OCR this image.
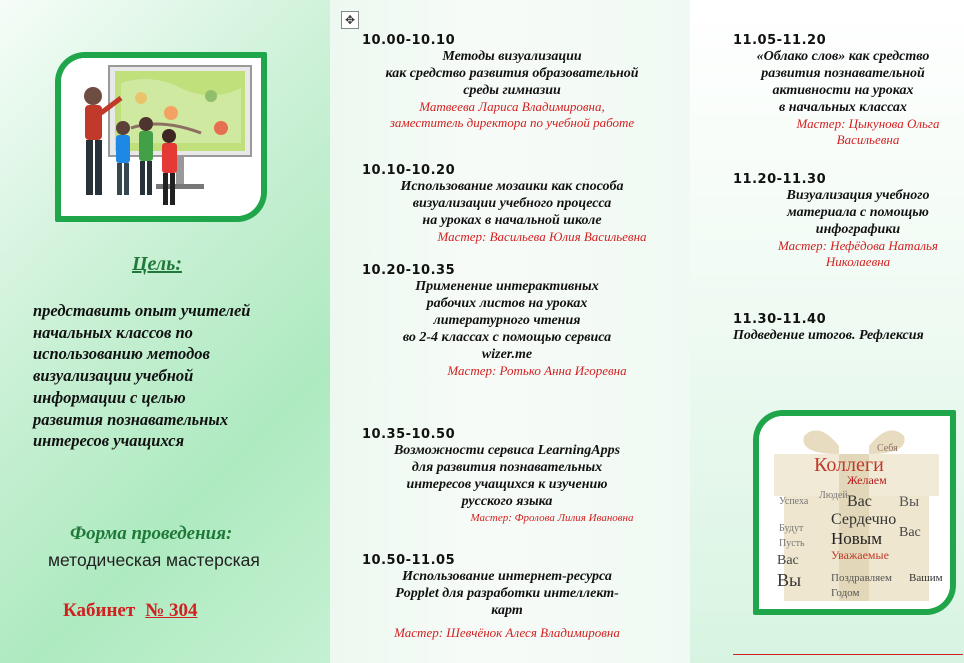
Цель:
представить опыт учителей
начальных классов по
использованию методов
визуализации учебной
информации с целью
развития познавательных
интересов учащихся
Форма проведения:
методическая мастерская
Кабинет № 304
✥
10.00-10.10
Методы визуализации
как средство развития образовательной
среды гимназии
Матвеева Лариса Владимировна,
заместитель директора по учебной работе
10.10-10.20
Использование мозаики как способа
визуализации учебного процесса
на уроках в начальной школе
Мастер: Васильева Юлия Васильевна
10.20-10.35
Применение интерактивных
рабочих листов на уроках
литературного чтения
во 2-4 классах с помощью сервиса
wizer.me
Мастер: Ротько Анна Игоревна
10.35-10.50
Возможности сервиса LearningApps
для развития познавательных
интересов учащихся к изучению
русского языка
Мастер: Фролова Лилия Ивановна
10.50-11.05
Использование интернет-ресурса
Popplet для разработки интеллект-
карт
Мастер: Шевчёнок Алеся Владимировна
11.05-11.20
«Облако слов» как средство
развития познавательной
активности на уроках
в начальных классах
Мастер: Цыкунова Ольга
Васильевна
11.20-11.30
Визуализация учебного
материала с помощью
инфографики
Мастер: Нефёдова Наталья
Николаевна
11.30-11.40
Подведение итогов. Рефлексия
Коллеги
Себя
Желаем
Вас Вы
Сердечно
Новым
Уважаемые
Поздравляем
Годом
Вы	Вашим
Вас
Будут
Пусть
Успеха
Вас
Людей
